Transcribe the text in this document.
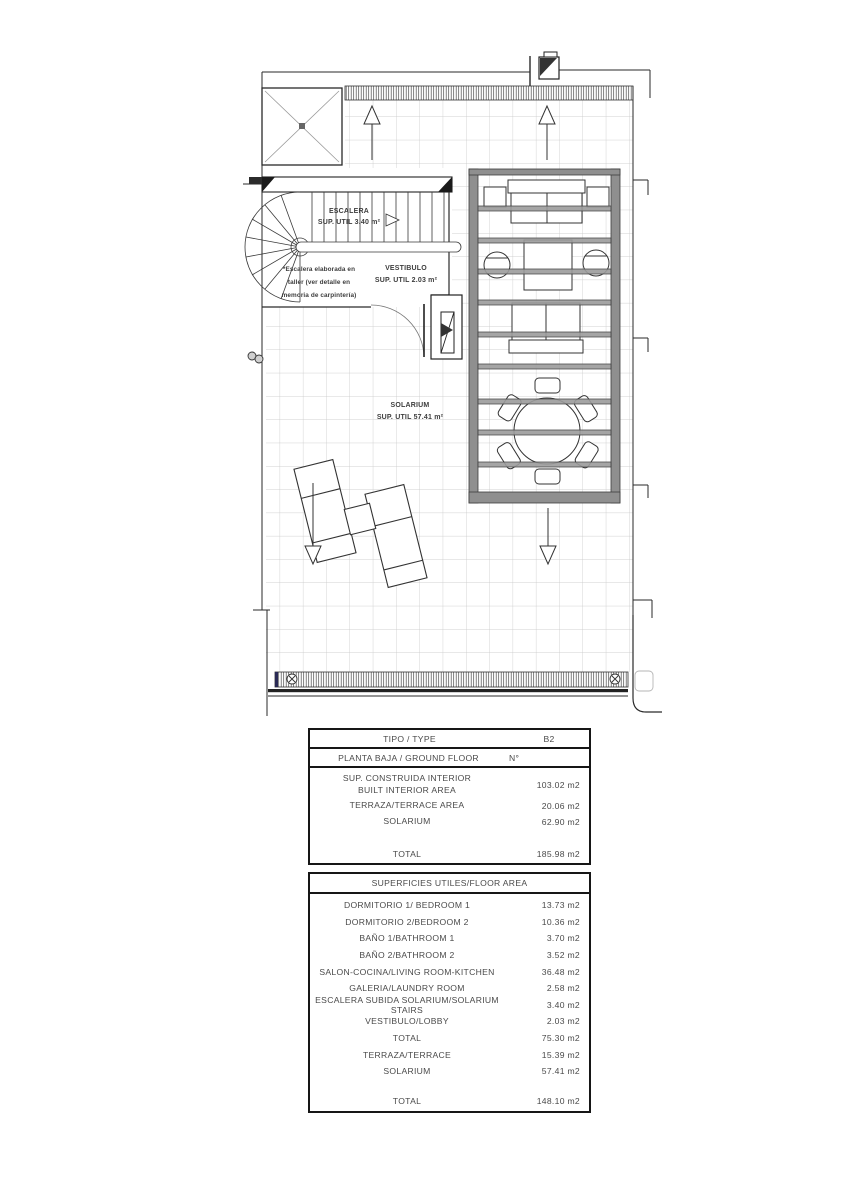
ESCALERA
SUP. UTIL 3.40 m²
*Escalera elaborada en
taller (ver detalle en
memoria de carpintería)
VESTIBULO
SUP. UTIL 2.03 m²
SOLARIUM
SUP. UTIL 57.41 m²
TIPO / TYPE	B2
PLANTA BAJA / GROUND FLOOR	N°
SUP. CONSTRUIDA INTERIOR
BUILT INTERIOR AREA	103.02 m2
TERRAZA/TERRACE AREA	20.06 m2
SOLARIUM	62.90 m2
TOTAL	185.98 m2
SUPERFICIES UTILES/FLOOR AREA
DORMITORIO 1/ BEDROOM 1	13.73 m2
DORMITORIO 2/BEDROOM 2	10.36 m2
BAÑO 1/BATHROOM 1	3.70 m2
BAÑO 2/BATHROOM 2	3.52 m2
SALON-COCINA/LIVING ROOM-KITCHEN	36.48 m2
GALERIA/LAUNDRY ROOM	2.58 m2
ESCALERA SUBIDA SOLARIUM/SOLARIUM STAIRS	3.40 m2
VESTIBULO/LOBBY	2.03 m2
TOTAL	75.30 m2
TERRAZA/TERRACE	15.39 m2
SOLARIUM	57.41 m2
TOTAL	148.10 m2
